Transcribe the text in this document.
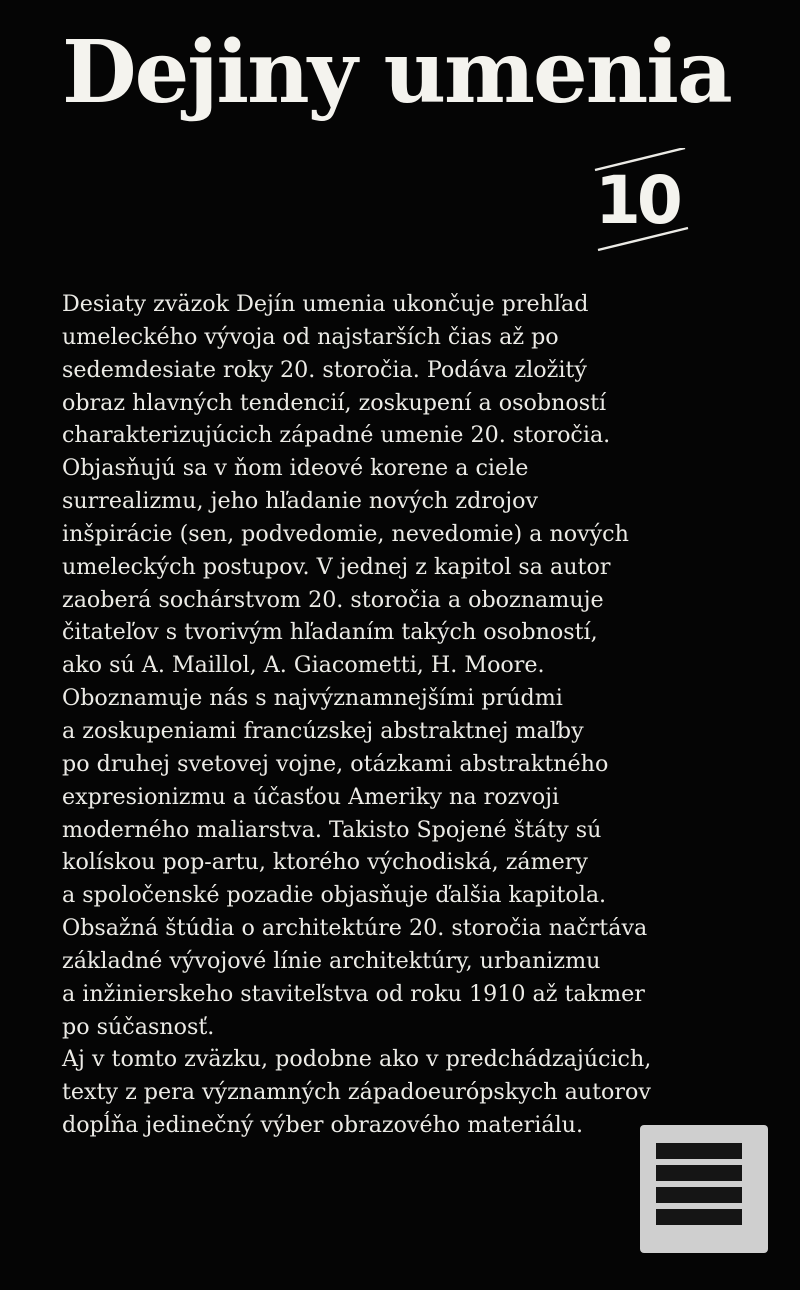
Dejiny umenia
10
Desiaty zväzok Dejín umenia ukončuje prehľad
umeleckého vývoja od najstarších čias až po
sedemdesiate roky 20. storočia. Podáva zložitý
obraz hlavných tendencií, zoskupení a osobností
charakterizujúcich západné umenie 20. storočia.
Objasňujú sa v ňom ideové korene a ciele
surrealizmu, jeho hľadanie nových zdrojov
inšpirácie (sen, podvedomie, nevedomie) a nových
umeleckých postupov. V jednej z kapitol sa autor
zaoberá sochárstvom 20. storočia a oboznamuje
čitateľov s tvorivým hľadaním takých osobností,
ako sú A. Maillol, A. Giacometti, H. Moore.
Oboznamuje nás s najvýznamnejšími prúdmi
a zoskupeniami francúzskej abstraktnej maľby
po druhej svetovej vojne, otázkami abstraktného
expresionizmu a účasťou Ameriky na rozvoji
moderného maliarstva. Takisto Spojené štáty sú
kolískou pop-artu, ktorého východiská, zámery
a spoločenské pozadie objasňuje ďalšia kapitola.
Obsažná štúdia o architektúre 20. storočia načrtáva
základné vývojové línie architektúry, urbanizmu
a inžinierskeho staviteľstva od roku 1910 až takmer
po súčasnosť.
Aj v tomto zväzku, podobne ako v predchádzajúcich,
texty z pera významných západoeurópskych autorov
dopĺňa jedinečný výber obrazového materiálu.
